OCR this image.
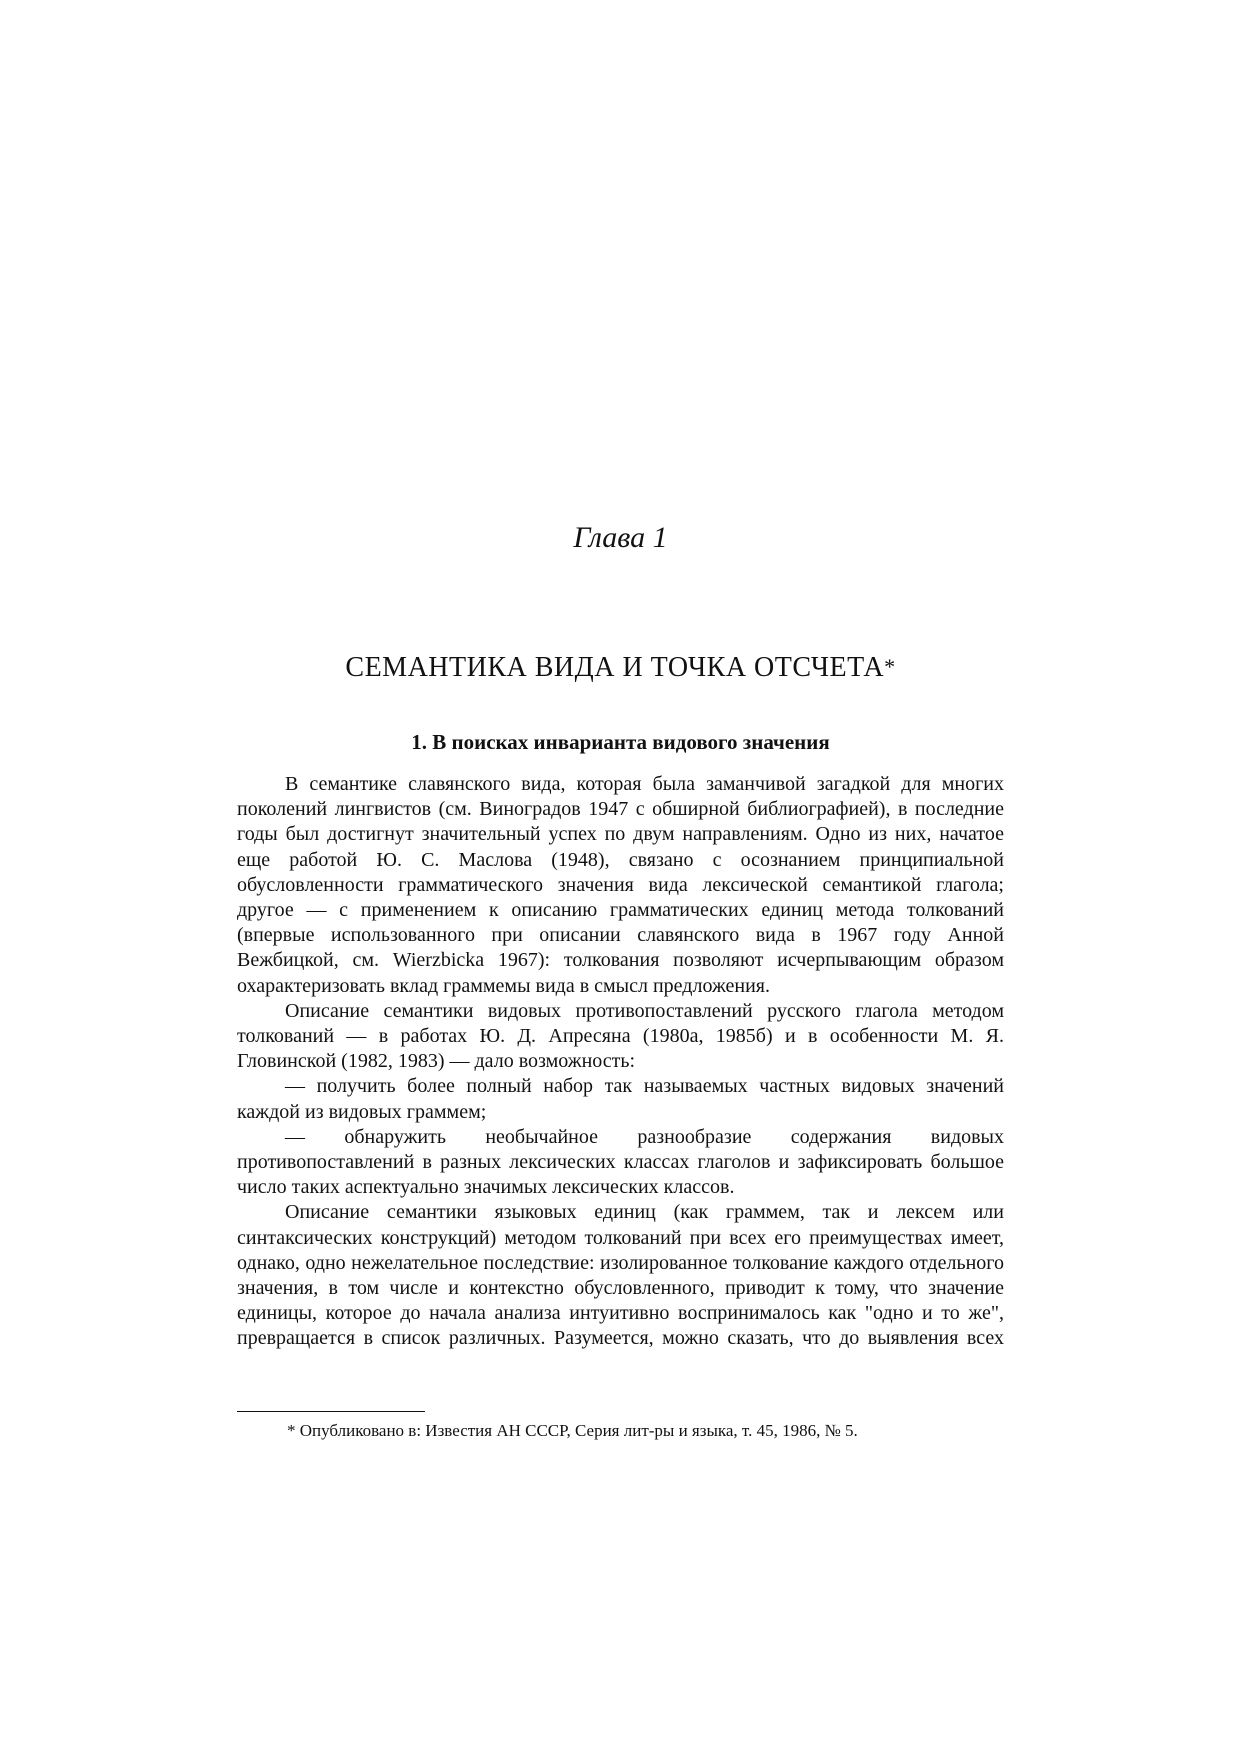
Глава 1
СЕМАНТИКА ВИДА И ТОЧКА ОТСЧЕТА*
1. В поисках инварианта видового значения

В семантике славянского вида, которая была заманчивой загадкой для многих поколений лингвистов (см. Виноградов 1947 с обширной библиографией), в последние годы был достигнут значительный успех по двум направлениям. Одно из них, начатое еще работой Ю. С. Маслова (1948), связано с осознанием принципиальной обусловленности грамматического значения вида лексической семантикой глагола; другое — с применением к описанию грамматических единиц метода толкований (впервые использованного при описании славянского вида в 1967 году Анной Вежбицкой, см. Wierzbicka 1967): толкования позволяют исчерпывающим образом охарактеризовать вклад граммемы вида в смысл предложения.

Описание семантики видовых противопоставлений русского глагола методом толкований — в работах Ю. Д. Апресяна (1980а, 1985б) и в особенности М. Я. Гловинской (1982, 1983) — дало возможность:

— получить более полный набор так называемых частных видовых значений каждой из видовых граммем;

— обнаружить необычайное разнообразие содержания видовых противопоставлений в разных лексических классах глаголов и зафиксировать большое число таких аспектуально значимых лексических классов.

Описание семантики языковых единиц (как граммем, так и лексем или синтаксических конструкций) методом толкований при всех его преимуществах имеет, однако, одно нежелательное последствие: изолированное толкование каждого отдельного значения, в том числе и контекстно обусловленного, приводит к тому, что значение единицы, которое до начала анализа интуитивно воспринималось как "одно и то же", превращается в список различных. Разумеется, можно сказать, что до выявления всех

* Опубликовано в: Известия АН СССР, Серия лит-ры и языка, т. 45, 1986, № 5.
